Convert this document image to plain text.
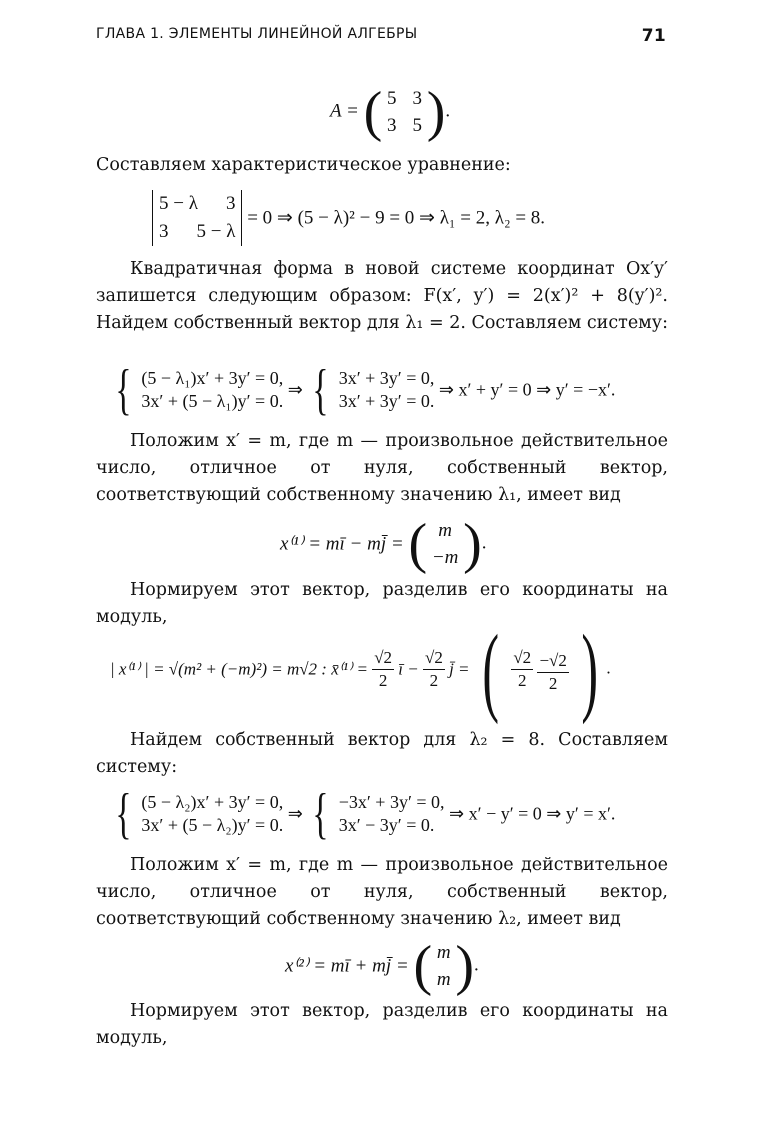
ГЛАВА 1. ЭЛЕМЕНТЫ ЛИНЕЙНОЙ АЛГЕБРЫ	71
A = ( 5 3
3 5 ).
Составляем характеристическое уравнение:
5 − λ 3
3 5 − λ
= 0 ⇒ (5 − λ)² − 9 = 0 ⇒ λ₁ = 2, λ₂ = 8.
Квадратичная форма в новой системе координат Ox′y′ запишется следующим образом: F(x′, y′) = 2(x′)² + 8(y′)². Найдем собственный вектор для λ₁ = 2. Составляем систему:
{ (5 − λ₁)x′ + 3y′ = 0,
3x′ + (5 − λ₁)y′ = 0.
⇒ { 3x′ + 3y′ = 0,
3x′ + 3y′ = 0.
⇒ x′ + y′ = 0 ⇒ y′ = −x′.
Положим x′ = m, где m — произвольное действительное число, отличное от нуля, собственный вектор, соответствующий собственному значению λ₁, имеет вид
x⁽¹⁾ = mī − mj̄ = ( m
−m ).
Нормируем этот вектор, разделив его координаты на модуль,
| x⁽¹⁾ | = √(m² + (−m)²) = m√2 : x̄⁽¹⁾ = $\frac{√2}{2}$ ī − $\frac{√2}{2}$ j̄ = ( $\frac{√2}{2}$
$\frac{-√2}{2}$ ) .
Найдем собственный вектор для λ₂ = 8. Составляем систему:
{ (5 − λ₂)x′ + 3y′ = 0,
3x′ + (5 − λ₂)y′ = 0.
⇒ { −3x′ + 3y′ = 0,
3x′ − 3y′ = 0.
⇒ x′ − y′ = 0 ⇒ y′ = x′.
Положим x′ = m, где m — произвольное действительное число, отличное от нуля, собственный вектор, соответствующий собственному значению λ₂, имеет вид
x⁽²⁾ = mī + mj̄ = ( m
m ).
Нормируем этот вектор, разделив его координаты на модуль,
